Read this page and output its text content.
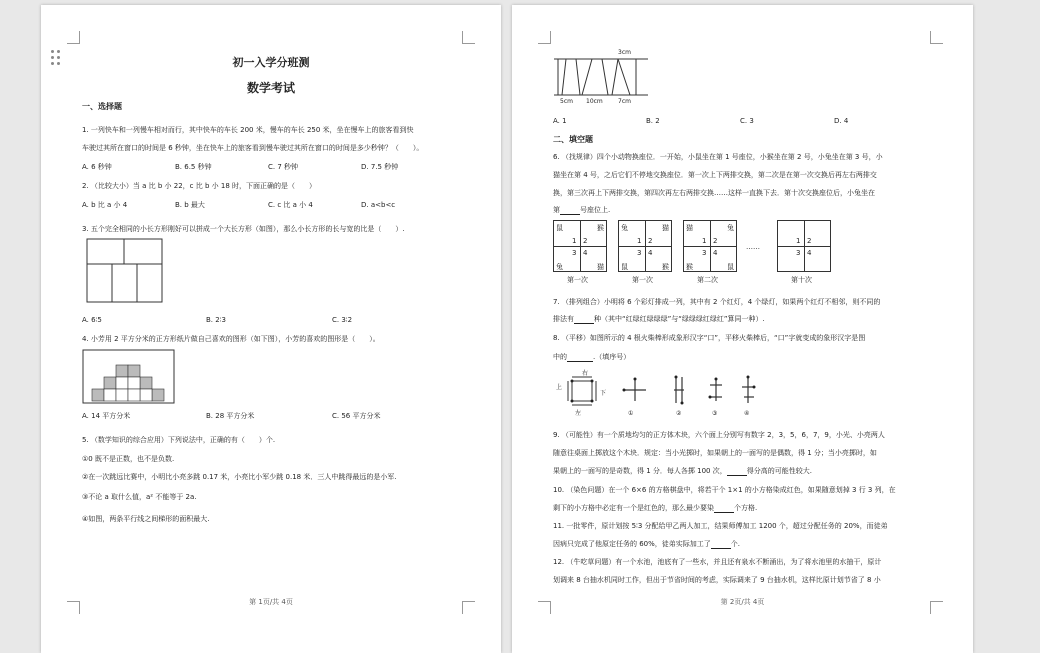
初一入学分班测
数学考试
一、选择题
1. 一列快车和一列慢车相对而行，其中快车的车长 200 米，慢车的车长 250 米，坐在慢车上的旅客看到快
车驶过其所在窗口的时间是 6 秒钟，坐在快车上的旅客看到慢车驶过其所在窗口的时间是多少秒钟？（　　）。
A. 6 秒钟	B. 6.5 秒钟	C. 7 秒钟	D. 7.5 秒钟
2. （比较大小）当 a 比 b 小 22，c 比 b 小 18 时，下面正确的是（　　）
A. b 比 a 小 4	B. b 最大	C. c 比 a 小 4	D. a<b<c
3. 五个完全相同的小长方形刚好可以拼成一个大长方形（如图），那么小长方形的长与宽的比是（　　）.
A. 6∶5	B. 2∶3	C. 3∶2
4. 小芳用 2 平方分米的正方形纸片做自己喜欢的图形（如下图），小芳的喜欢的图形是（　　）。
A. 14 平方分米	B. 28 平方分米	C. 56 平方分米
5. （数学知识的综合应用）下列说法中，正确的有（　　）个.
①0 既不是正数，也不是负数.
②在一次跳远比赛中，小明比小亮多跳 0.17 米，小亮比小军少跳 0.18 米．三人中跳得最远的是小军.
③不论 a 取什么值，a² 不能等于 2a.
④如图，两条平行线之间梯形的面积最大.
第 1页/共 4页
3cm
5cm 10cm	7cm
A. 1	B. 2	C. 3	D. 4
二、填空题
6. （找规律）四个小动物换座位．一开始，小鼠坐在第 1 号座位，小猴坐在第 2 号，小兔坐在第 3 号，小
猫坐在第 4 号，之后它们不停地交换座位．第一次上下两排交换，第二次是在第一次交换后再左右两排交
换，第三次再上下两排交换，第四次再左右两排交换……这样一直换下去．第十次交换座位后，小兔坐在
第	号座位上.
鼠	猴
1 2
3 4
兔	猫
第一次
兔	猫
1 2
3 4
鼠	猴
第一次
猫	兔
1 2
3 4
猴	鼠
第二次
……
1 2
3 4
第十次
7. （排列组合）小明将 6 个彩灯排成一列，其中有 2 个红灯，4 个绿灯，如果两个红灯不相邻，则不同的
排法有	种（其中“红绿红绿绿绿”与“绿绿绿红绿红”算同一种）.
8. （平移）如图所示的 4 根火柴棒形成象形汉字“口”，平移火柴棒后，“口”字就变成的象形汉字是图
中的	.（填序号）
上
右
下
左	①	②	③	④
9. （可能性）有一个质地均匀的正方体木块，六个面上分别写有数字 2，3，5，6，7，9，小光、小亮两人
随意往桌面上掷放这个木块．规定：当小光掷时，如果朝上的一面写的是偶数，得 1 分；当小亮掷时，如
果朝上的一面写的是奇数，得 1 分．每人各掷 100 次，	得分高的可能性较大.
10. （染色问题）在一个 6×6 的方格棋盘中，将若干个 1×1 的小方格染成红色，如果随意划掉 3 行 3 列，在
剩下的小方格中必定有一个是红色的，那么最少要染	个方格.
11. 一批零件，原计划按 5∶3 分配给甲乙两人加工，结果师傅加工 1200 个，超过分配任务的 20%，而徒弟
因病只完成了他原定任务的 60%，徒弟实际加工了	个.
12. （牛吃草问题）有一个水池，池底有了一些水，并且还有泉水不断涌出，为了将水池里的水抽干，原计
划调来 8 台抽水机同时工作，但出于节省时间的考虑，实际调来了 9 台抽水机，这样比原计划节省了 8 小
第 2页/共 4页
